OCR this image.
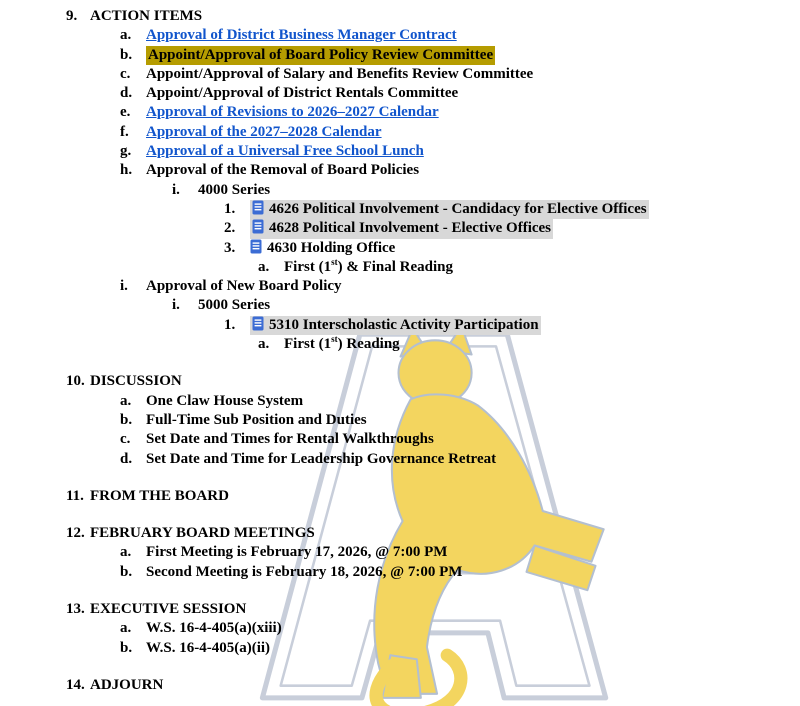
9. ACTION ITEMS
a. Approval of District Business Manager Contract
b. Appoint/Approval of Board Policy Review Committee
c. Appoint/Approval of Salary and Benefits Review Committee
d. Appoint/Approval of District Rentals Committee
e. Approval of Revisions to 2026–2027 Calendar
f. Approval of the 2027–2028 Calendar
g. Approval of a Universal Free School Lunch
h. Approval of the Removal of Board Policies
i. 4000 Series
1.	4626 Political Involvement - Candidacy for Elective Offices
2.	4628 Political Involvement - Elective Offices
3.	4630 Holding Office
a. First (1st) & Final Reading
i. Approval of New Board Policy
i. 5000 Series
1.	5310 Interscholastic Activity Participation
a. First (1st) Reading
10. DISCUSSION
a. One Claw House System
b. Full-Time Sub Position and Duties
c. Set Date and Times for Rental Walkthroughs
d. Set Date and Time for Leadership Governance Retreat
11. FROM THE BOARD
12. FEBRUARY BOARD MEETINGS
a. First Meeting is February 17, 2026, @ 7:00 PM
b. Second Meeting is February 18, 2026, @ 7:00 PM
13. EXECUTIVE SESSION
a. W.S. 16-4-405(a)(xiii)
b. W.S. 16-4-405(a)(ii)
14. ADJOURN
